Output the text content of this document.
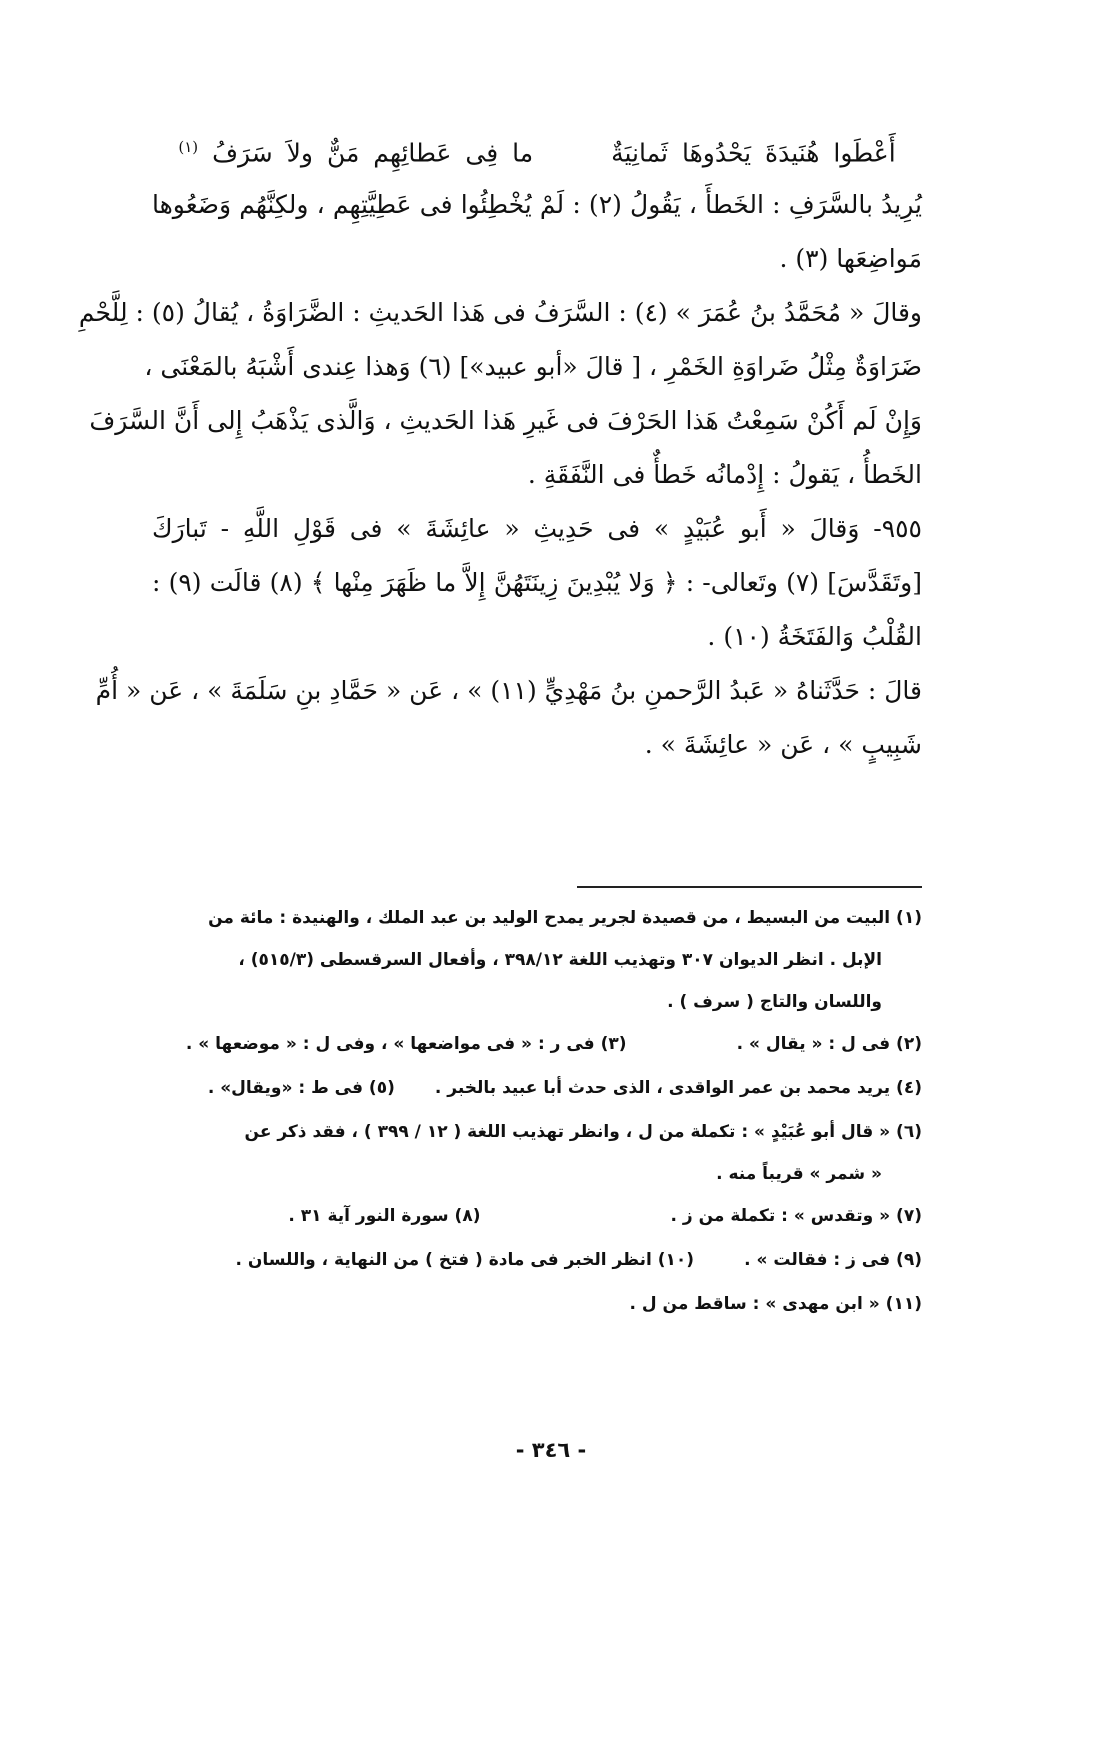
أَعْطَوا هُنَيدَةَ يَحْدُوهَا ثَمانِيَةٌ  ما فِى عَطائِهِم مَنٌّ ولاَ سَرَفُ $^{(١)}$
يُرِيدُ بالسَّرَفِ : الخَطأَ ، يَقُولُ (٢) : لَمْ يُخْطِئُوا فى عَطِيَّتِهِم ، ولكِنَّهُم وَضَعُوها
مَواضِعَها (٣) .
وقالَ « مُحَمَّدُ بنُ عُمَرَ » (٤) : السَّرَفُ فى هَذا الحَديثِ : الضَّرَاوَةُ ، يُقالُ (٥) : لِلَّحْمِ
ضَرَاوَةٌ مِثْلُ ضَراوَةِ الخَمْرِ ، [ قالَ «أبو عبيد»] (٦) وَهذا عِندى أَشْبَهُ بالمَعْنَى ،
وَإِنْ لَم أَكُنْ سَمِعْتُ هَذا الحَرْفَ فى غَيرِ هَذا الحَديثِ ، وَالَّذى يَذْهَبُ إِلى أَنَّ السَّرَفَ
الخَطأُ ، يَقولُ : إِدْمانُه خَطأٌ فى النَّفَقَةِ .
٩٥٥- وَقالَ « أَبو عُبَيْدٍ » فى حَدِيثِ « عائِشَةَ » فى قَوْلِ اللَّهِ - تَبارَكَ
[وتَقَدَّسَ] (٧) وتَعالى- : ﴿ وَلا يُبْدِينَ زِينَتَهُنَّ إِلاَّ ما ظَهَرَ مِنْها ﴾ (٨) قالَت (٩) :
القُلْبُ وَالفَتَخَةُ (١٠) .
قالَ : حَدَّثَناهُ « عَبدُ الرَّحمنِ بنُ مَهْدِيٍّ (١١) » ، عَن « حَمَّادِ بنِ سَلَمَةَ » ، عَن « أُمِّ
شَبِيبٍ » ، عَن « عائِشَةَ » .
(١) البيت من البسيط ، من قصيدة لجرير يمدح الوليد بن عبد الملك ، والهنيدة : مائة من
الإبل . انظر الديوان ٣٠٧ وتهذيب اللغة ٣٩٨/١٢ ، وأفعال السرقسطى (٥١٥/٣) ،
واللسان والتاج ( سرف ) .
(٢) فى ل : « يقال » .
(٣) فى ر : « فى مواضعها » ، وفى ل : « موضعها » .
(٤) يريد محمد بن عمر الواقدى ، الذى حدث أبا عبيد بالخبر .
(٥) فى ط : «ويقال» .
(٦) « قال أبو عُبَيْدٍ » : تكملة من ل ، وانظر تهذيب اللغة ( ١٢ / ٣٩٩ ) ، فقد ذكر عن
« شمر » قريباً منه .
(٧) « وتقدس » : تكملة من ز .
(٨) سورة النور آية ٣١ .
(٩) فى ز : فقالت » .
(١٠) انظر الخبر فى مادة ( فتخ ) من النهاية ، واللسان .
(١١) « ابن مهدى » : ساقط من ل .
- ٣٤٦ -
